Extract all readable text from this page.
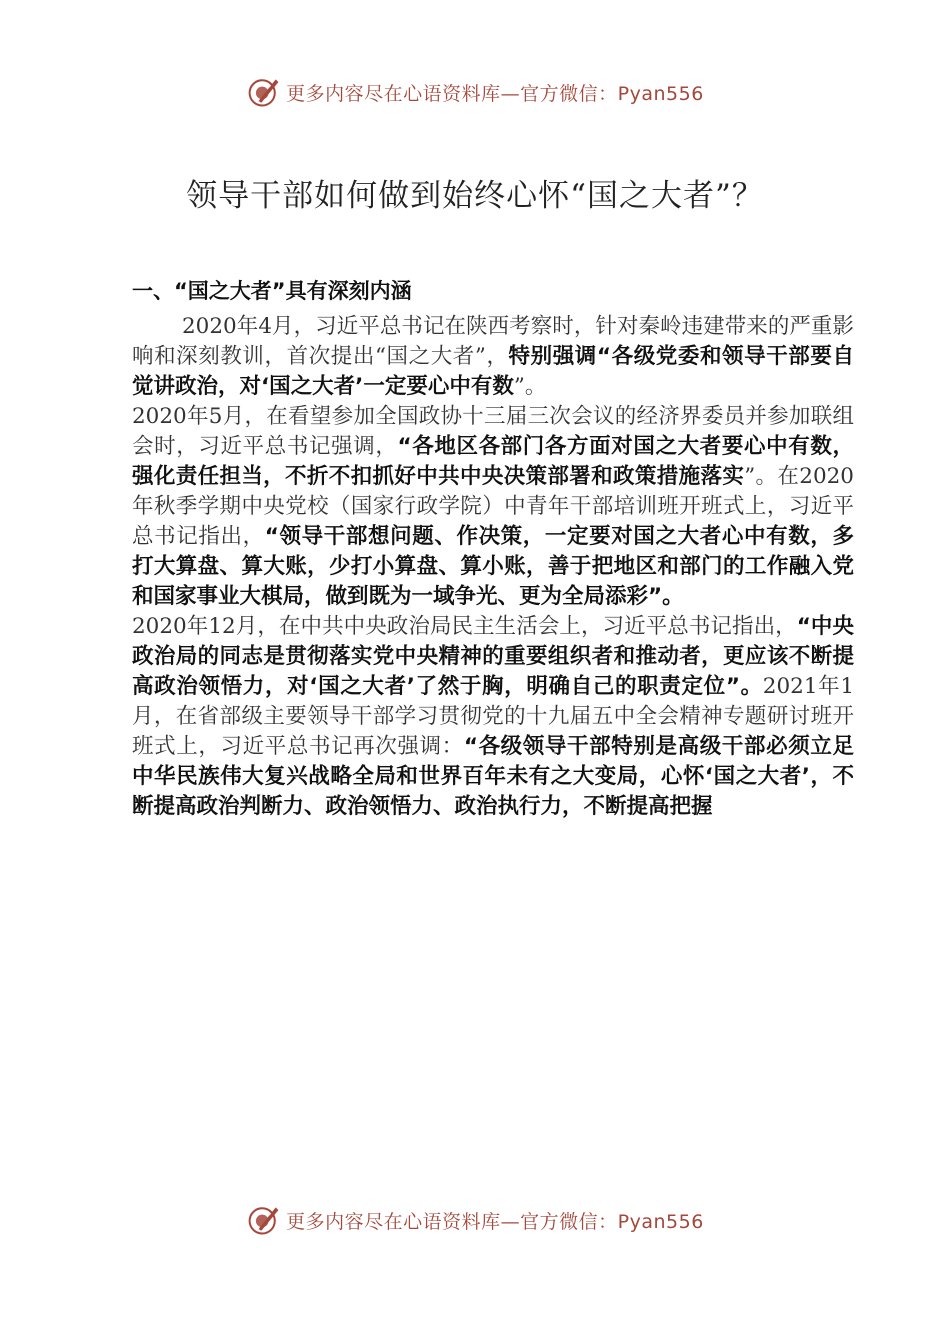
更多内容尽在心语资料库—官方微信：Pyan556
领导干部如何做到始终心怀“国之大者”？
一、“国之大者”具有深刻内涵

2020年4月，习近平总书记在陕西考察时，针对秦岭违建带来的严重影响和深刻教训，首次提出“国之大者”，特别强调“各级党委和领导干部要自觉讲政治，对‘国之大者’一定要心中有数”。

2020年5月，在看望参加全国政协十三届三次会议的经济界委员并参加联组会时，习近平总书记强调，“各地区各部门各方面对国之大者要心中有数，强化责任担当，不折不扣抓好中共中央决策部署和政策措施落实”。在2020年秋季学期中央党校（国家行政学院）中青年干部培训班开班式上，习近平总书记指出，“领导干部想问题、作决策，一定要对国之大者心中有数，多打大算盘、算大账，少打小算盘、算小账，善于把地区和部门的工作融入党和国家事业大棋局，做到既为一域争光、更为全局添彩”。

2020年12月，在中共中央政治局民主生活会上，习近平总书记指出，“中央政治局的同志是贯彻落实党中央精神的重要组织者和推动者，更应该不断提高政治领悟力，对‘国之大者’了然于胸，明确自己的职责定位”。2021年1月，在省部级主要领导干部学习贯彻党的十九届五中全会精神专题研讨班开班式上，习近平总书记再次强调：“各级领导干部特别是高级干部必须立足中华民族伟大复兴战略全局和世界百年未有之大变局，心怀‘国之大者’，不断提高政治判断力、政治领悟力、政治执行力，不断提高把握

更多内容尽在心语资料库—官方微信：Pyan556
